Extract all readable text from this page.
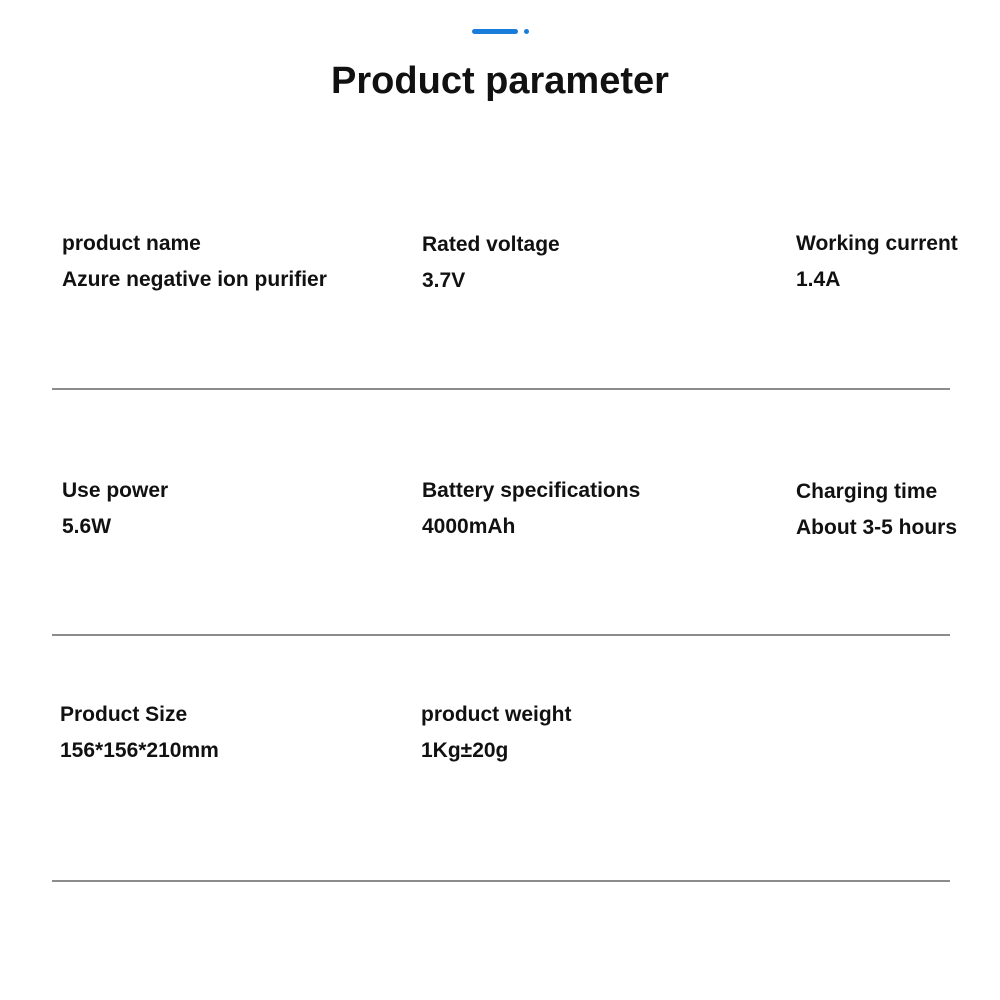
Product parameter
product name
Azure negative ion purifier
Rated voltage
3.7V
Working current
1.4A
Use power
5.6W
Battery specifications
4000mAh
Charging time
About 3-5 hours
Product Size
156*156*210mm
product weight
1Kg±20g
